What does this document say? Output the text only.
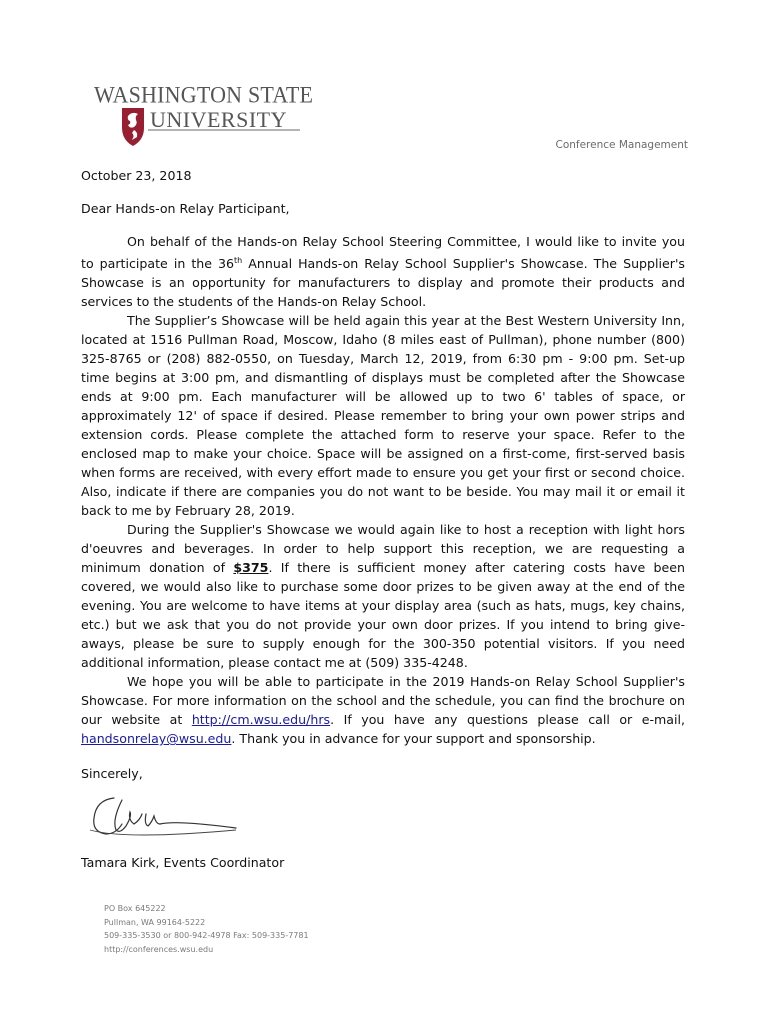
WASHINGTON STATE
UNIVERSITY
Conference Management
October 23, 2018
Dear Hands-on Relay Participant,

On behalf of the Hands-on Relay School Steering Committee, I would like to invite you to participate in the 36th Annual Hands-on Relay School Supplier's Showcase. The Supplier's Showcase is an opportunity for manufacturers to display and promote their products and services to the students of the Hands-on Relay School.

The Supplier’s Showcase will be held again this year at the Best Western University Inn, located at 1516 Pullman Road, Moscow, Idaho (8 miles east of Pullman), phone number (800) 325-8765 or (208) 882-0550, on Tuesday, March 12, 2019, from 6:30 pm - 9:00 pm. Set-up time begins at 3:00 pm, and dismantling of displays must be completed after the Showcase ends at 9:00 pm. Each manufacturer will be allowed up to two 6' tables of space, or approximately 12' of space if desired. Please remember to bring your own power strips and extension cords. Please complete the attached form to reserve your space. Refer to the enclosed map to make your choice. Space will be assigned on a first-come, first-served basis when forms are received, with every effort made to ensure you get your first or second choice. Also, indicate if there are companies you do not want to be beside. You may mail it or email it back to me by February 28, 2019.

During the Supplier's Showcase we would again like to host a reception with light hors d'oeuvres and beverages. In order to help support this reception, we are requesting a minimum donation of $375. If there is sufficient money after catering costs have been covered, we would also like to purchase some door prizes to be given away at the end of the evening. You are welcome to have items at your display area (such as hats, mugs, key chains, etc.) but we ask that you do not provide your own door prizes. If you intend to bring give-aways, please be sure to supply enough for the 300-350 potential visitors. If you need additional information, please contact me at (509) 335-4248.

We hope you will be able to participate in the 2019 Hands-on Relay School Supplier's Showcase. For more information on the school and the schedule, you can find the brochure on our website at http://cm.wsu.edu/hrs. If you have any questions please call or e-mail, handsonrelay@wsu.edu. Thank you in advance for your support and sponsorship.

Sincerely,
Tamara Kirk, Events Coordinator
PO Box 645222
Pullman, WA 99164-5222
509-335-3530 or 800-942-4978 Fax: 509-335-7781
http://conferences.wsu.edu
